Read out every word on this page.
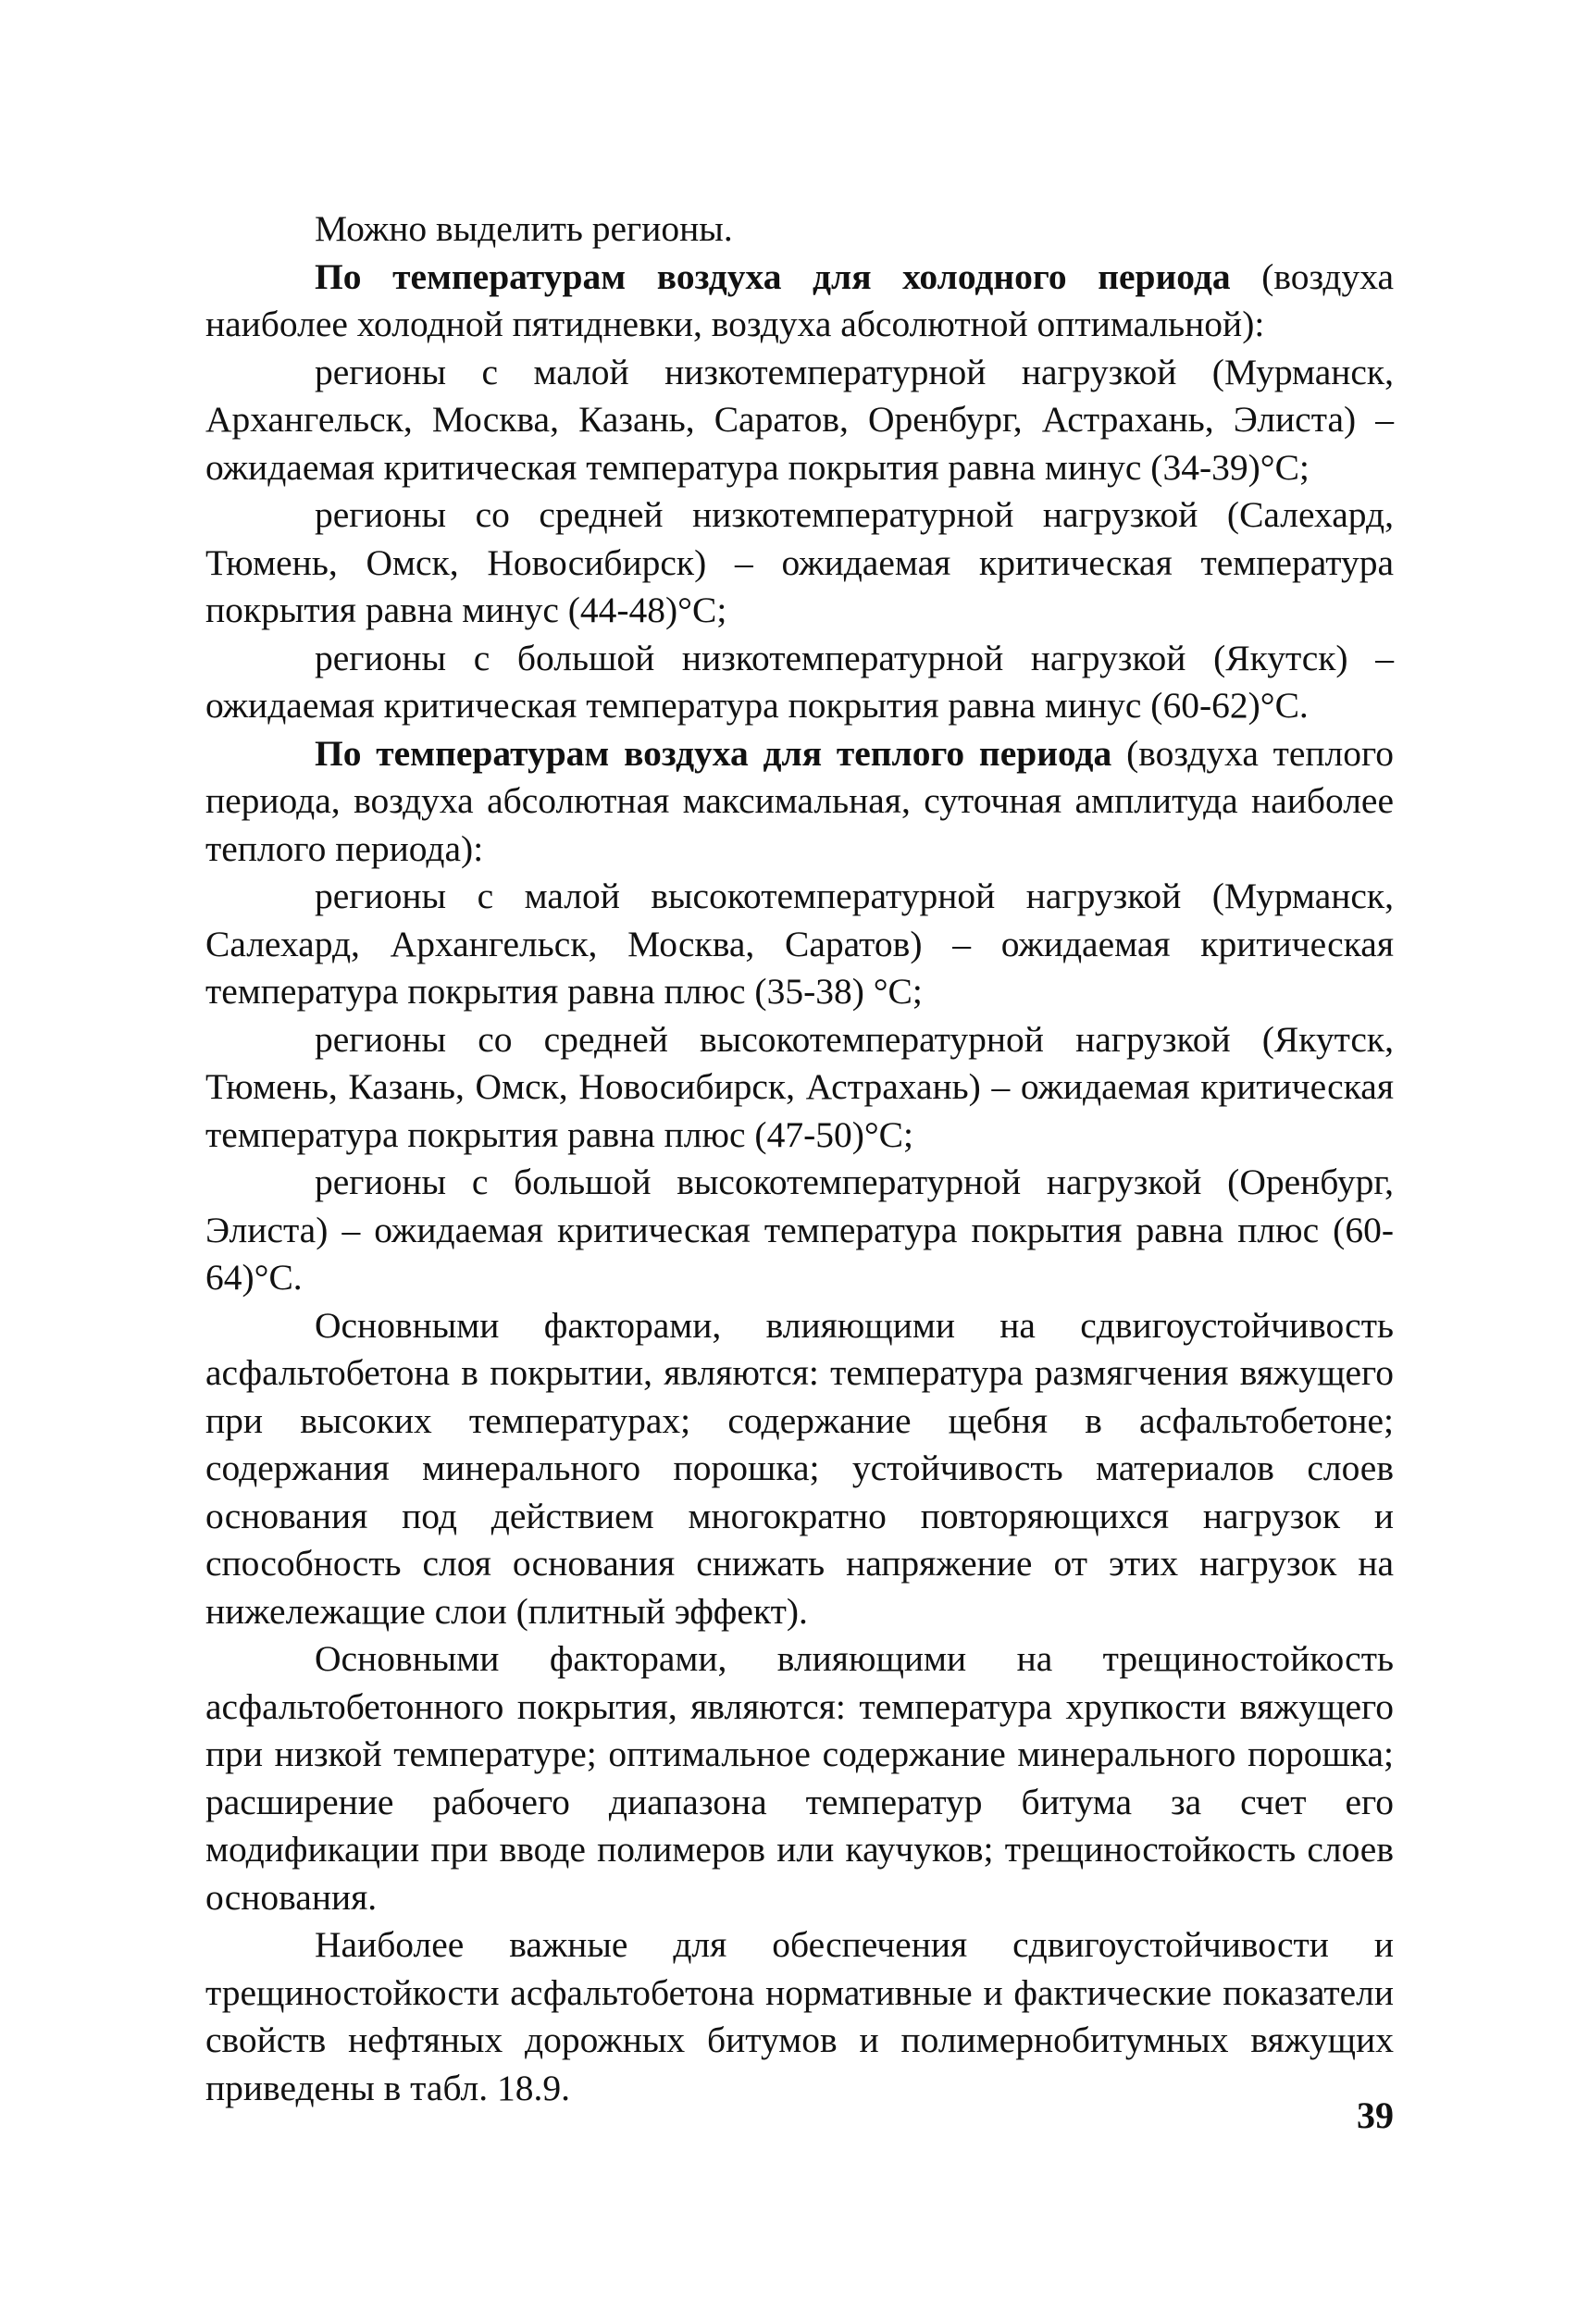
Можно выделить регионы.

По температурам воздуха для холодного периода (воздуха наиболее холодной пятидневки, воздуха абсолютной оптимальной):

регионы с малой низкотемпературной нагрузкой (Мурманск, Архангельск, Москва, Казань, Саратов, Оренбург, Астрахань, Элиста) – ожидаемая критическая температура покрытия равна минус (34-39)°С;

регионы со средней низкотемпературной нагрузкой (Салехард, Тюмень, Омск, Новосибирск) – ожидаемая критическая температура покрытия равна минус (44-48)°С;

регионы с большой низкотемпературной нагрузкой (Якутск) – ожидаемая критическая температура покрытия равна минус (60-62)°С.

По температурам воздуха для теплого периода (воздуха теплого периода, воздуха абсолютная максимальная, суточная амплитуда наиболее теплого периода):

регионы с малой высокотемпературной нагрузкой (Мурманск, Салехард, Архангельск, Москва, Саратов) – ожидаемая критическая температура покрытия равна плюс (35-38) °С;

регионы со средней высокотемпературной нагрузкой (Якутск, Тюмень, Казань, Омск, Новосибирск, Астрахань) – ожидаемая критическая температура покрытия равна плюс (47-50)°С;

регионы с большой высокотемпературной нагрузкой (Оренбург, Элиста) – ожидаемая критическая температура покрытия равна плюс (60-64)°С.

Основными факторами, влияющими на сдвигоустойчивость асфальтобетона в покрытии, являются: температура размягчения вяжущего при высоких температурах; содержание щебня в асфальтобетоне; содержания минерального порошка; устойчивость материалов слоев основания под действием многократно повторяющихся нагрузок и способность слоя основания снижать напряжение от этих нагрузок на нижележащие слои (плитный эффект).

Основными факторами, влияющими на трещиностойкость асфальтобетонного покрытия, являются: температура хрупкости вяжущего при низкой температуре; оптимальное содержание минерального порошка; расширение рабочего диапазона температур битума за счет его модификации при вводе полимеров или каучуков; трещиностойкость слоев основания.

Наиболее важные для обеспечения сдвигоустойчивости и трещиностойкости асфальтобетона нормативные и фактические показатели свойств нефтяных дорожных битумов и полимернобитумных вяжущих приведены в табл. 18.9.

39
